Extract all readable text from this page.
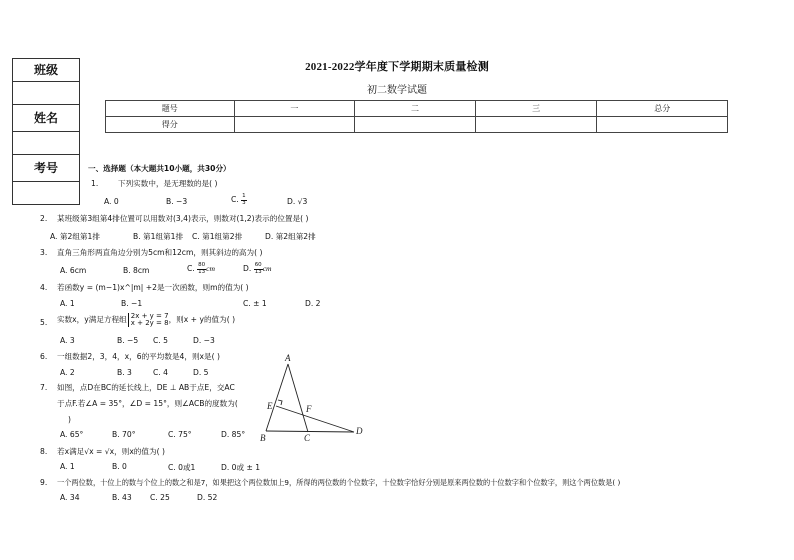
班级
姓名
考号
2021-2022学年度下学期期末质量检测
初二数学试题
题号	一	二	三	总分
得分				
一、选择题（本大题共10小题，共30分）
1.	下列实数中，是无理数的是( )
A. 0	B. −3	C. $\frac{1}{3}$	D. √3
2. 某班级第3组第4排位置可以用数对(3,4)表示，则数对(1,2)表示的位置是( )
A. 第2组第1排	B. 第1组第1排 C. 第1组第2排	D. 第2组第2排
3. 直角三角形两直角边分别为5cm和12cm，则其斜边的高为( )
A. 6cm	B. 8cm	C. $\frac{80}{13}$ cm	D. $\frac{60}{13}$ cm
4. 若函数y = (m−1)x^|m| +2是一次函数，则m的值为( )
A. 1	B. −1	C. ± 1	D. 2
5. 实数x，y满足方程组 2x + y = 7
x + 2y = 8 ，则x + y的值为( )
A. 3	B. −5 C. 5	D. −3
6. 一组数据2，3，4，x，6的平均数是4，则x是( )
A. 2	B. 3	C. 4	D. 5
7. 如图，点D在BC的延长线上，DE ⊥ AB于点E，交AC
于点F.若∠A = 35°，∠D = 15°，则∠ACB的度数为(
)
A. 65°	B. 70°	C. 75°	D. 85°
A
B	C
D
E	F
8. 若x满足√x = √x，则x的值为( )
A. 1	B. 0	C. 0或1	D. 0或 ± 1
9. 一个两位数，十位上的数与个位上的数之和是7，如果把这个两位数加上9，所得的两位数的个位数字，十位数字恰好分别是原来两位数的十位数字和个位数字，则这个两位数是( )
A. 34	B. 43 C. 25	D. 52
